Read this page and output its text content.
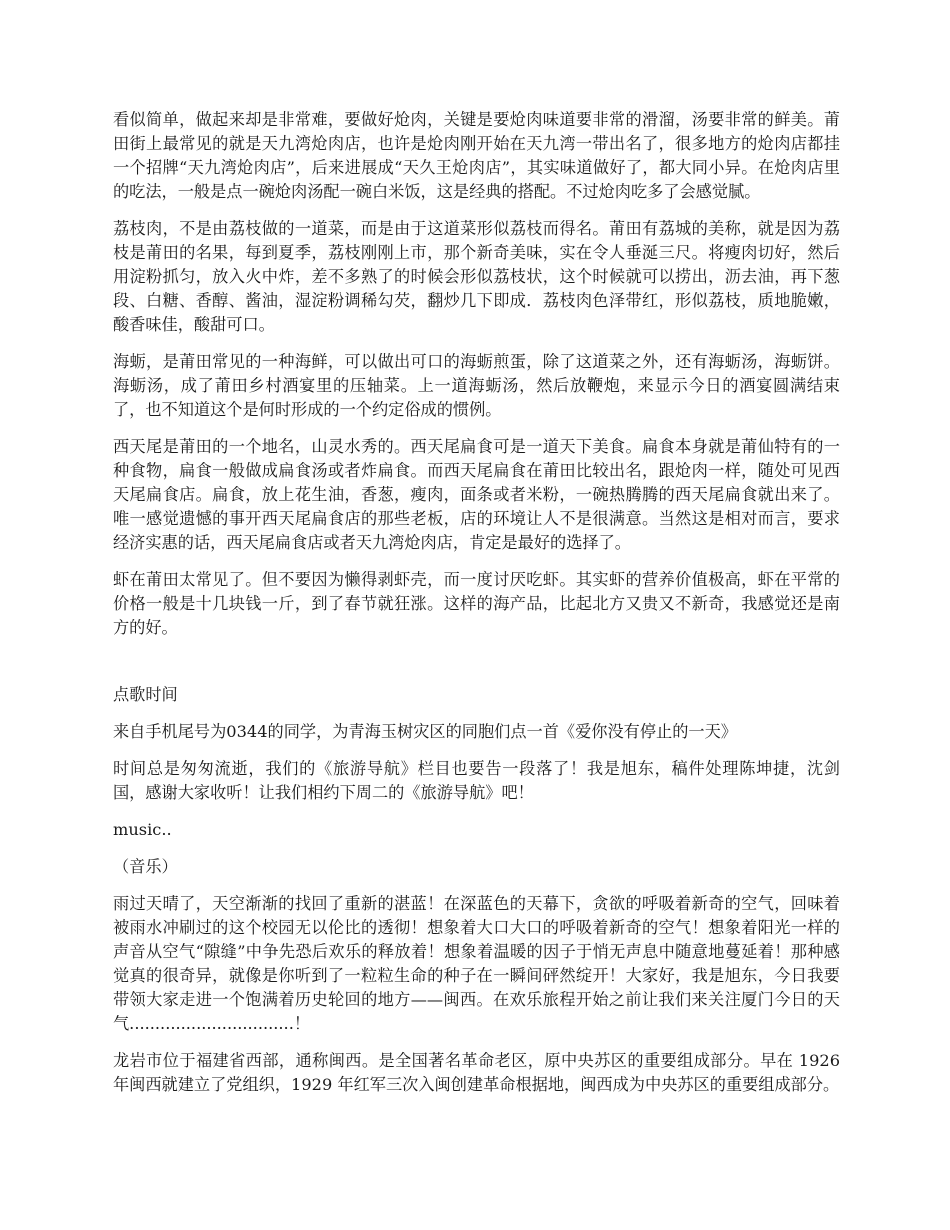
看似简单，做起来却是非常难，要做好炝肉，关键是要炝肉味道要非常的滑溜，汤要非常的鲜美。莆田街上最常见的就是天九湾炝肉店，也许是炝肉刚开始在天九湾一带出名了，很多地方的炝肉店都挂一个招牌“天九湾炝肉店”，后来进展成“天久王炝肉店”，其实味道做好了，都大同小异。在炝肉店里的吃法，一般是点一碗炝肉汤配一碗白米饭，这是经典的搭配。不过炝肉吃多了会感觉腻。

荔枝肉，不是由荔枝做的一道菜，而是由于这道菜形似荔枝而得名。莆田有荔城的美称，就是因为荔枝是莆田的名果，每到夏季，荔枝刚刚上市，那个新奇美味，实在令人垂涎三尺。将瘦肉切好，然后用淀粉抓匀，放入火中炸，差不多熟了的时候会形似荔枝状，这个时候就可以捞出，沥去油，再下葱段、白糖、香醇、酱油，湿淀粉调稀勾芡，翻炒几下即成．荔枝肉色泽带红，形似荔枝，质地脆嫩，酸香味佳，酸甜可口。

海蛎，是莆田常见的一种海鲜，可以做出可口的海蛎煎蛋，除了这道菜之外，还有海蛎汤，海蛎饼。海蛎汤，成了莆田乡村酒宴里的压轴菜。上一道海蛎汤，然后放鞭炮，来显示今日的酒宴圆满结束了，也不知道这个是何时形成的一个约定俗成的惯例。

西天尾是莆田的一个地名，山灵水秀的。西天尾扁食可是一道天下美食。扁食本身就是莆仙特有的一种食物，扁食一般做成扁食汤或者炸扁食。而西天尾扁食在莆田比较出名，跟炝肉一样，随处可见西天尾扁食店。扁食，放上花生油，香葱，瘦肉，面条或者米粉，一碗热腾腾的西天尾扁食就出来了。唯一感觉遗憾的事开西天尾扁食店的那些老板，店的环境让人不是很满意。当然这是相对而言，要求经济实惠的话，西天尾扁食店或者天九湾炝肉店，肯定是最好的选择了。

虾在莆田太常见了。但不要因为懒得剥虾壳，而一度讨厌吃虾。其实虾的营养价值极高，虾在平常的价格一般是十几块钱一斤，到了春节就狂涨。这样的海产品，比起北方又贵又不新奇，我感觉还是南方的好。

点歌时间

来自手机尾号为0344的同学，为青海玉树灾区的同胞们点一首《爱你没有停止的一天》

时间总是匆匆流逝，我们的《旅游导航》栏目也要告一段落了！我是旭东，稿件处理陈坤捷，沈剑国，感谢大家收听！让我们相约下周二的《旅游导航》吧！

music..

（音乐）

雨过天晴了，天空渐渐的找回了重新的湛蓝！在深蓝色的天幕下，贪欲的呼吸着新奇的空气，回味着被雨水冲刷过的这个校园无以伦比的透彻！想象着大口大口的呼吸着新奇的空气！想象着阳光一样的声音从空气“隙缝”中争先恐后欢乐的释放着！想象着温暖的因子于悄无声息中随意地蔓延着！那种感觉真的很奇异，就像是你听到了一粒粒生命的种子在一瞬间砰然绽开！大家好，我是旭东，今日我要带领大家走进一个饱满着历史轮回的地方——闽西。在欢乐旅程开始之前让我们来关注厦门今日的天气................................！

龙岩市位于福建省西部，通称闽西。是全国著名革命老区，原中央苏区的重要组成部分。早在 1926 年闽西就建立了党组织，1929 年红军三次入闽创建革命根据地，闽西成为中央苏区的重要组成部分。
